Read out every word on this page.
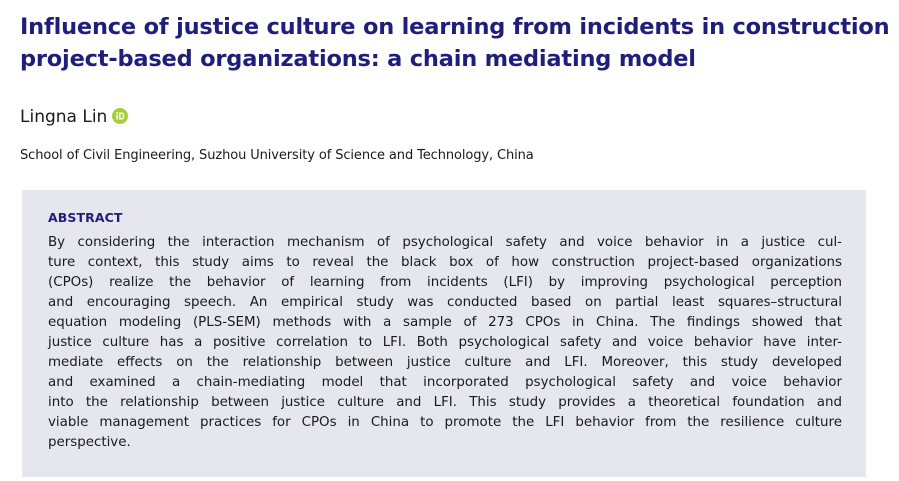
Influence of justice culture on learning from incidents in construction
project-based organizations: a chain mediating model
Lingna Lin
School of Civil Engineering, Suzhou University of Science and Technology, China
ABSTRACT

By considering the interaction mechanism of psychological safety and voice behavior in a justice cul-
ture context, this study aims to reveal the black box of how construction project-based organizations
(CPOs) realize the behavior of learning from incidents (LFI) by improving psychological perception
and encouraging speech. An empirical study was conducted based on partial least squares–structural
equation modeling (PLS-SEM) methods with a sample of 273 CPOs in China. The findings showed that
justice culture has a positive correlation to LFI. Both psychological safety and voice behavior have inter-
mediate effects on the relationship between justice culture and LFI. Moreover, this study developed
and examined a chain-mediating model that incorporated psychological safety and voice behavior
into the relationship between justice culture and LFI. This study provides a theoretical foundation and
viable management practices for CPOs in China to promote the LFI behavior from the resilience culture
perspective.
